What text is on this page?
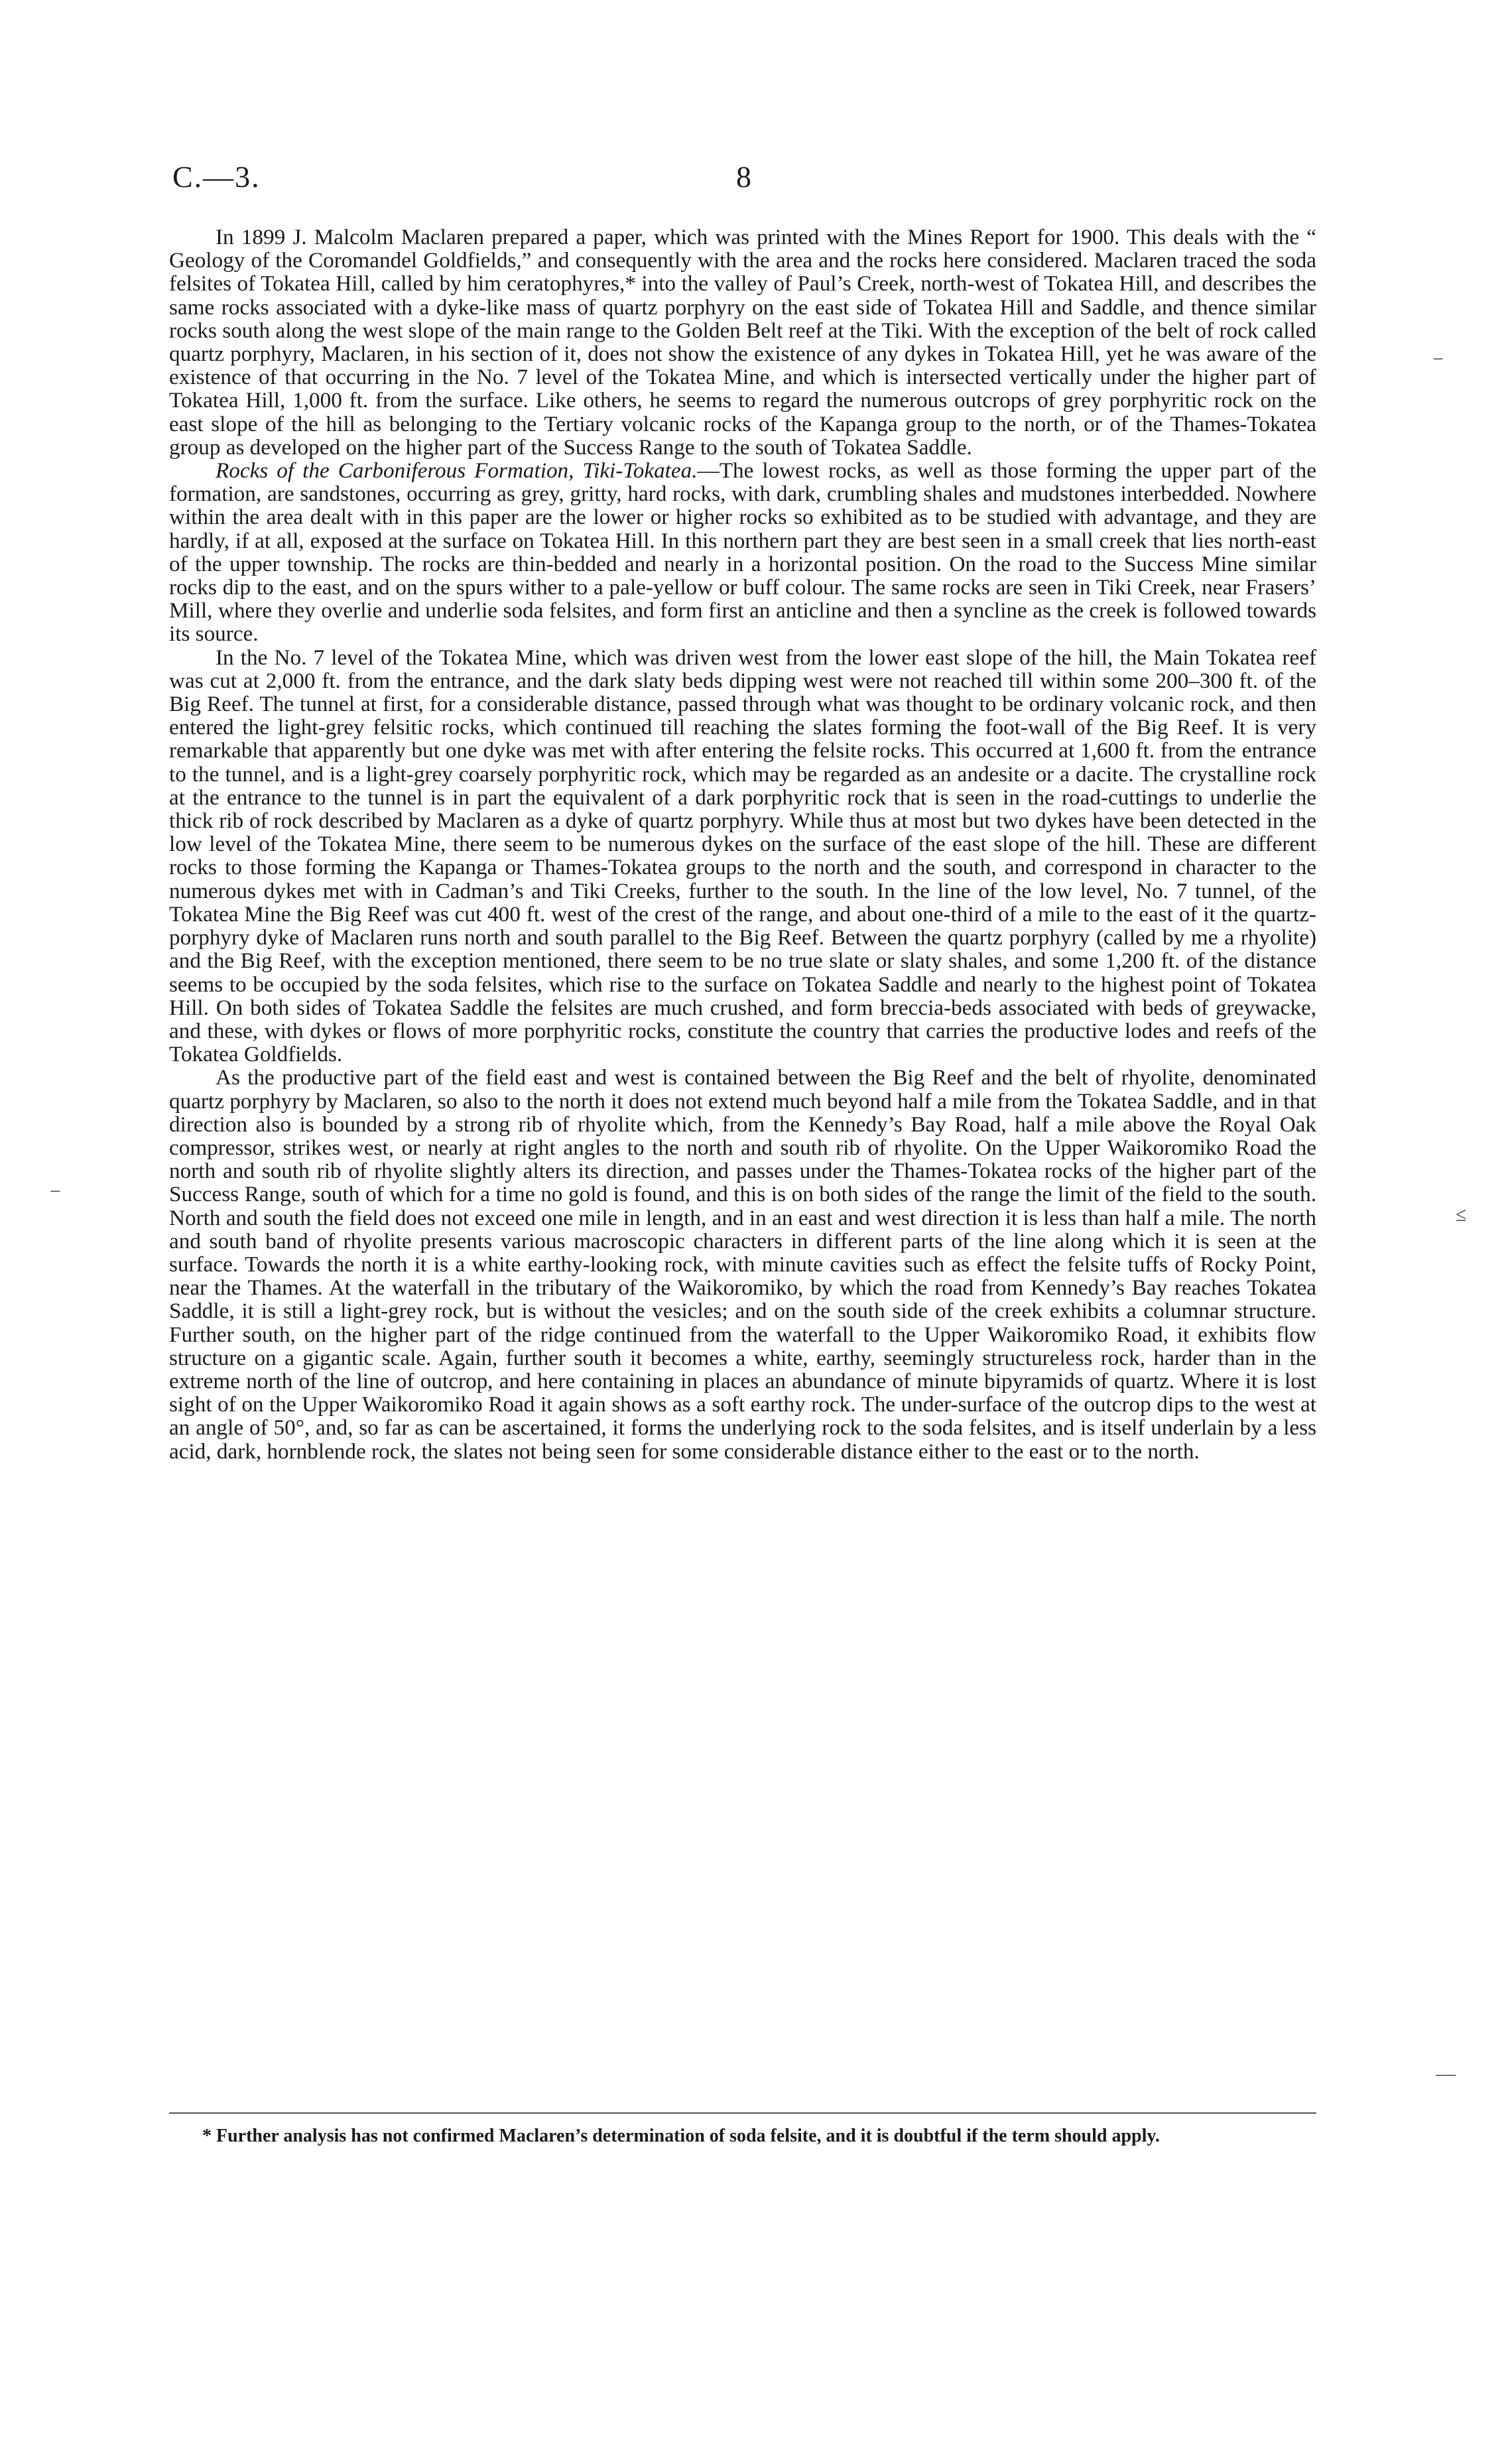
C.—3.	8

In 1899 J. Malcolm Maclaren prepared a paper, which was printed with the Mines Report for 1900. This deals with the “ Geology of the Coromandel Goldfields,” and consequently with the area and the rocks here considered. Maclaren traced the soda felsites of Tokatea Hill, called by him ceratophyres,* into the valley of Paul’s Creek, north-west of Tokatea Hill, and describes the same rocks associated with a dyke-like mass of quartz porphyry on the east side of Tokatea Hill and Saddle, and thence similar rocks south along the west slope of the main range to the Golden Belt reef at the Tiki. With the exception of the belt of rock called quartz porphyry, Maclaren, in his section of it, does not show the existence of any dykes in Tokatea Hill, yet he was aware of the existence of that occurring in the No. 7 level of the Tokatea Mine, and which is intersected vertically under the higher part of Tokatea Hill, 1,000 ft. from the surface. Like others, he seems to regard the numerous outcrops of grey porphyritic rock on the east slope of the hill as belonging to the Tertiary volcanic rocks of the Kapanga group to the north, or of the Thames-Tokatea group as developed on the higher part of the Success Range to the south of Tokatea Saddle.

Rocks of the Carboniferous Formation, Tiki-Tokatea.—The lowest rocks, as well as those forming the upper part of the formation, are sandstones, occurring as grey, gritty, hard rocks, with dark, crumbling shales and mudstones interbedded. Nowhere within the area dealt with in this paper are the lower or higher rocks so exhibited as to be studied with advantage, and they are hardly, if at all, exposed at the surface on Tokatea Hill. In this northern part they are best seen in a small creek that lies north-east of the upper township. The rocks are thin-bedded and nearly in a horizontal position. On the road to the Success Mine similar rocks dip to the east, and on the spurs wither to a pale-yellow or buff colour. The same rocks are seen in Tiki Creek, near Frasers’ Mill, where they overlie and underlie soda felsites, and form first an anticline and then a syncline as the creek is followed towards its source.

In the No. 7 level of the Tokatea Mine, which was driven west from the lower east slope of the hill, the Main Tokatea reef was cut at 2,000 ft. from the entrance, and the dark slaty beds dipping west were not reached till within some 200–300 ft. of the Big Reef. The tunnel at first, for a considerable distance, passed through what was thought to be ordinary volcanic rock, and then entered the light-grey felsitic rocks, which continued till reaching the slates forming the foot-wall of the Big Reef. It is very remarkable that apparently but one dyke was met with after entering the felsite rocks. This occurred at 1,600 ft. from the entrance to the tunnel, and is a light-grey coarsely porphyritic rock, which may be regarded as an andesite or a dacite. The crystalline rock at the entrance to the tunnel is in part the equivalent of a dark porphyritic rock that is seen in the road-cuttings to underlie the thick rib of rock described by Maclaren as a dyke of quartz porphyry. While thus at most but two dykes have been detected in the low level of the Tokatea Mine, there seem to be numerous dykes on the surface of the east slope of the hill. These are different rocks to those forming the Kapanga or Thames-Tokatea groups to the north and the south, and correspond in character to the numerous dykes met with in Cadman’s and Tiki Creeks, further to the south. In the line of the low level, No. 7 tunnel, of the Tokatea Mine the Big Reef was cut 400 ft. west of the crest of the range, and about one-third of a mile to the east of it the quartz-porphyry dyke of Maclaren runs north and south parallel to the Big Reef. Between the quartz porphyry (called by me a rhyolite) and the Big Reef, with the exception mentioned, there seem to be no true slate or slaty shales, and some 1,200 ft. of the distance seems to be occupied by the soda felsites, which rise to the surface on Tokatea Saddle and nearly to the highest point of Tokatea Hill. On both sides of Tokatea Saddle the felsites are much crushed, and form breccia-beds associated with beds of greywacke, and these, with dykes or flows of more porphyritic rocks, constitute the country that carries the productive lodes and reefs of the Tokatea Goldfields.

As the productive part of the field east and west is contained between the Big Reef and the belt of rhyolite, denominated quartz porphyry by Maclaren, so also to the north it does not extend much beyond half a mile from the Tokatea Saddle, and in that direction also is bounded by a strong rib of rhyolite which, from the Kennedy’s Bay Road, half a mile above the Royal Oak compressor, strikes west, or nearly at right angles to the north and south rib of rhyolite. On the Upper Waikoromiko Road the north and south rib of rhyolite slightly alters its direction, and passes under the Thames-Tokatea rocks of the higher part of the Success Range, south of which for a time no gold is found, and this is on both sides of the range the limit of the field to the south. North and south the field does not exceed one mile in length, and in an east and west direction it is less than half a mile. The north and south band of rhyolite presents various macroscopic characters in different parts of the line along which it is seen at the surface. Towards the north it is a white earthy-looking rock, with minute cavities such as effect the felsite tuffs of Rocky Point, near the Thames. At the waterfall in the tributary of the Waikoromiko, by which the road from Kennedy’s Bay reaches Tokatea Saddle, it is still a light-grey rock, but is without the vesicles; and on the south side of the creek exhibits a columnar structure. Further south, on the higher part of the ridge continued from the waterfall to the Upper Waikoromiko Road, it exhibits flow structure on a gigantic scale. Again, further south it becomes a white, earthy, seemingly structureless rock, harder than in the extreme north of the line of outcrop, and here containing in places an abundance of minute bipyramids of quartz. Where it is lost sight of on the Upper Waikoromiko Road it again shows as a soft earthy rock. The under-surface of the outcrop dips to the west at an angle of 50°, and, so far as can be ascertained, it forms the underlying rock to the soda felsites, and is itself underlain by a less acid, dark, hornblende rock, the slates not being seen for some considerable distance either to the east or to the north.

* Further analysis has not confirmed Maclaren’s determination of soda felsite, and it is doubtful if the term should apply.
−
−
≤
—
